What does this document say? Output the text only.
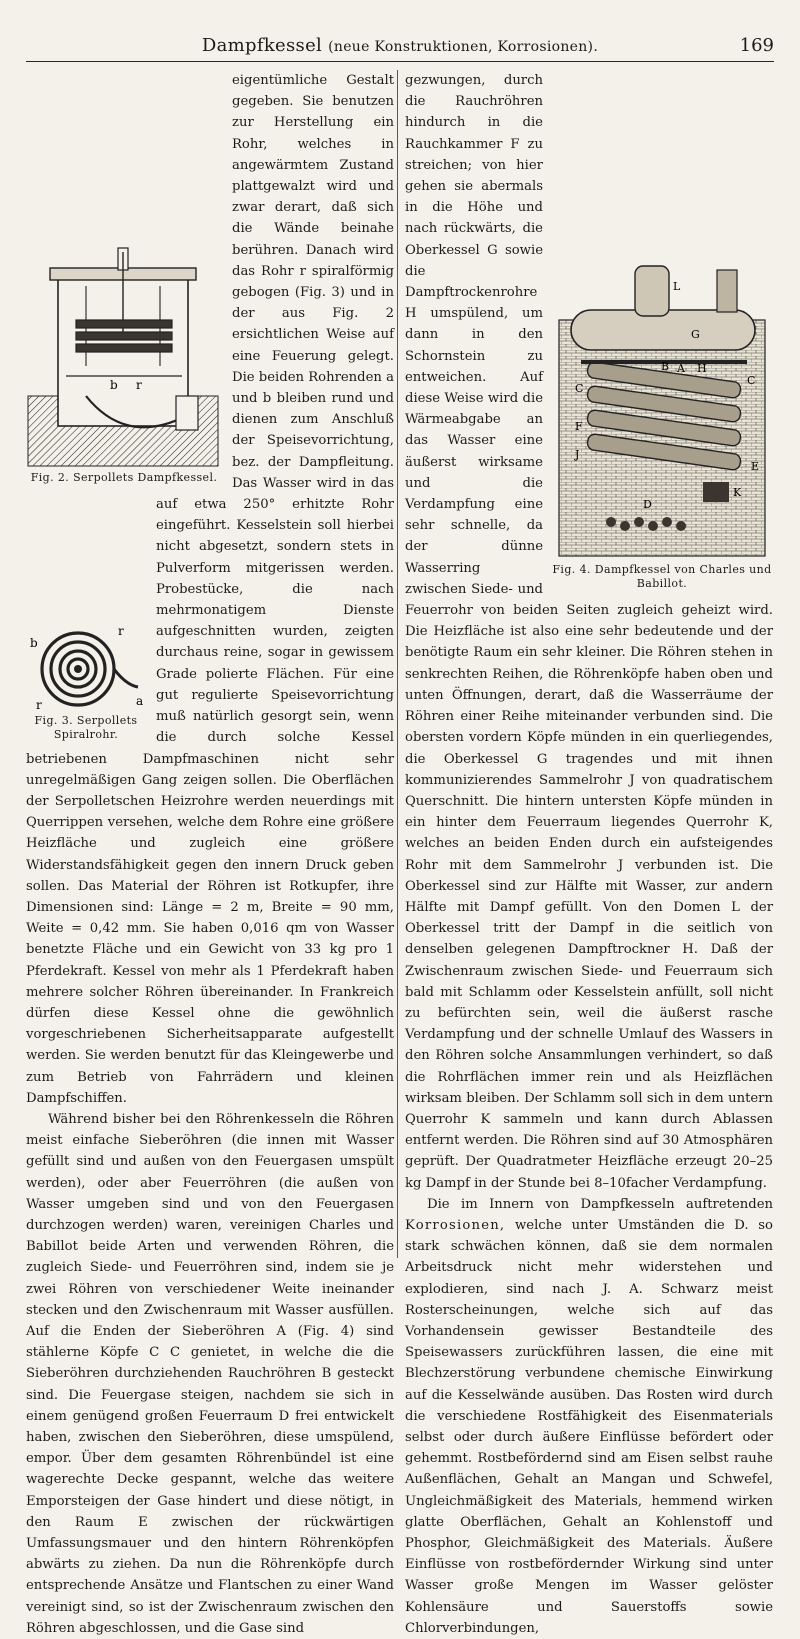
Dampfkessel (neue Konstruktionen, Korrosionen).	169
b r
Fig. 2. Serpollets Dampfkessel.
b
r
r	a
Fig. 3. Serpollets Spiralrohr.

eigentümliche Gestalt gegeben. Sie benutzen zur Herstellung ein Rohr, welches in angewärmtem Zustand plattgewalzt wird und zwar derart, daß sich die Wände beinahe berühren. Danach wird das Rohr r spiralförmig gebogen (Fig. 3) und in der aus Fig. 2 ersichtlichen Weise auf eine Feuerung gelegt. Die beiden Rohrenden a und b bleiben rund und dienen zum Anschluß der Speisevorrichtung, bez. der Dampfleitung. Das Wasser wird in das auf etwa 250° erhitzte Rohr eingeführt. Kesselstein soll hierbei nicht abgesetzt, sondern stets in Pulverform mitgerissen werden. Probestücke, die nach mehrmonatigem Dienste aufgeschnitten wurden, zeigten durchaus reine, sogar in gewissem Grade polierte Flächen. Für eine gut regulierte Speisevorrichtung muß natürlich gesorgt sein, wenn die durch solche Kessel betriebenen Dampfmaschinen nicht sehr unregelmäßigen Gang zeigen sollen. Die Oberflächen der Serpolletschen Heizrohre werden neuerdings mit Querrippen versehen, welche dem Rohre eine größere Heizfläche und zugleich eine größere Widerstandsfähigkeit gegen den innern Druck geben sollen. Das Material der Röhren ist Rotkupfer, ihre Dimensionen sind: Länge = 2 m, Breite = 90 mm, Weite = 0,42 mm. Sie haben 0,016 qm von Wasser benetzte Fläche und ein Gewicht von 33 kg pro 1 Pferdekraft. Kessel von mehr als 1 Pferdekraft haben mehrere solcher Röhren übereinander. In Frankreich dürfen diese Kessel ohne die gewöhnlich vorgeschriebenen Sicherheitsapparate aufgestellt werden. Sie werden benutzt für das Kleingewerbe und zum Betrieb von Fahrrädern und kleinen Dampfschiffen.

Während bisher bei den Röhrenkesseln die Röhren meist einfache Sieberöhren (die innen mit Wasser gefüllt sind und außen von den Feuergasen umspült werden), oder aber Feuerröhren (die außen von Wasser umgeben sind und von den Feuergasen durchzogen werden) waren, vereinigen Charles und Babillot beide Arten und verwenden Röhren, die zugleich Siede- und Feuerröhren sind, indem sie je zwei Röhren von verschiedener Weite ineinander stecken und den Zwischenraum mit Wasser ausfüllen. Auf die Enden der Sieberöhren A (Fig. 4) sind stählerne Köpfe C C genietet, in welche die die Sieberöhren durchziehenden Rauchröhren B gesteckt sind. Die Feuergase steigen, nachdem sie sich in einem genügend großen Feuerraum D frei entwickelt haben, zwischen den Sieberöhren, diese umspülend, empor. Über dem gesamten Röhrenbündel ist eine wagerechte Decke gespannt, welche das weitere Emporsteigen der Gase hindert und diese nötigt, in den Raum E zwischen der rückwärtigen Umfassungsmauer und den hintern Röhrenköpfen abwärts zu ziehen. Da nun die Röhrenköpfe durch entsprechende Ansätze und Flantschen zu einer Wand vereinigt sind, so ist der Zwischenraum zwischen den Röhren abgeschlossen, und die Gase sind

L
G
B A H
C
C
F
J
E
D
K
Fig. 4. Dampfkessel von Charles und Babillot.

gezwungen, durch die Rauchröhren hindurch in die Rauchkammer F zu streichen; von hier gehen sie abermals in die Höhe und nach rückwärts, die Oberkessel G sowie die Dampftrockenrohre H umspülend, um dann in den Schornstein zu entweichen. Auf diese Weise wird die Wärmeabgabe an das Wasser eine äußerst wirksame und die Verdampfung eine sehr schnelle, da der dünne Wasserring zwischen Siede- und Feuerrohr von beiden Seiten zugleich geheizt wird. Die Heizfläche ist also eine sehr bedeutende und der benötigte Raum ein sehr kleiner. Die Röhren stehen in senkrechten Reihen, die Röhrenköpfe haben oben und unten Öffnungen, derart, daß die Wasserräume der Röhren einer Reihe miteinander verbunden sind. Die obersten vordern Köpfe münden in ein querliegendes, die Oberkessel G tragendes und mit ihnen kommunizierendes Sammelrohr J von quadratischem Querschnitt. Die hintern untersten Köpfe münden in ein hinter dem Feuerraum liegendes Querrohr K, welches an beiden Enden durch ein aufsteigendes Rohr mit dem Sammelrohr J verbunden ist. Die Oberkessel sind zur Hälfte mit Wasser, zur andern Hälfte mit Dampf gefüllt. Von den Domen L der Oberkessel tritt der Dampf in die seitlich von denselben gelegenen Dampftrockner H. Daß der Zwischenraum zwischen Siede- und Feuerraum sich bald mit Schlamm oder Kesselstein anfüllt, soll nicht zu befürchten sein, weil die äußerst rasche Verdampfung und der schnelle Umlauf des Wassers in den Röhren solche Ansammlungen verhindert, so daß die Rohrflächen immer rein und als Heizflächen wirksam bleiben. Der Schlamm soll sich in dem untern Querrohr K sammeln und kann durch Ablassen entfernt werden. Die Röhren sind auf 30 Atmosphären geprüft. Der Quadratmeter Heizfläche erzeugt 20–25 kg Dampf in der Stunde bei 8–10facher Verdampfung.

Die im Innern von Dampfkesseln auftretenden Korrosionen, welche unter Umständen die D. so stark schwächen können, daß sie dem normalen Arbeitsdruck nicht mehr widerstehen und explodieren, sind nach J. A. Schwarz meist Rosterscheinungen, welche sich auf das Vorhandensein gewisser Bestandteile des Speisewassers zurückführen lassen, die eine mit Blechzerstörung verbundene chemische Einwirkung auf die Kesselwände ausüben. Das Rosten wird durch die verschiedene Rostfähigkeit des Eisenmaterials selbst oder durch äußere Einflüsse befördert oder gehemmt. Rostbefördernd sind am Eisen selbst rauhe Außenflächen, Gehalt an Mangan und Schwefel, Ungleichmäßigkeit des Materials, hemmend wirken glatte Oberflächen, Gehalt an Kohlenstoff und Phosphor, Gleichmäßigkeit des Materials. Äußere Einflüsse von rostbefördernder Wirkung sind unter Wasser große Mengen im Wasser gelöster Kohlensäure und Sauerstoffs sowie Chlorverbindungen,
